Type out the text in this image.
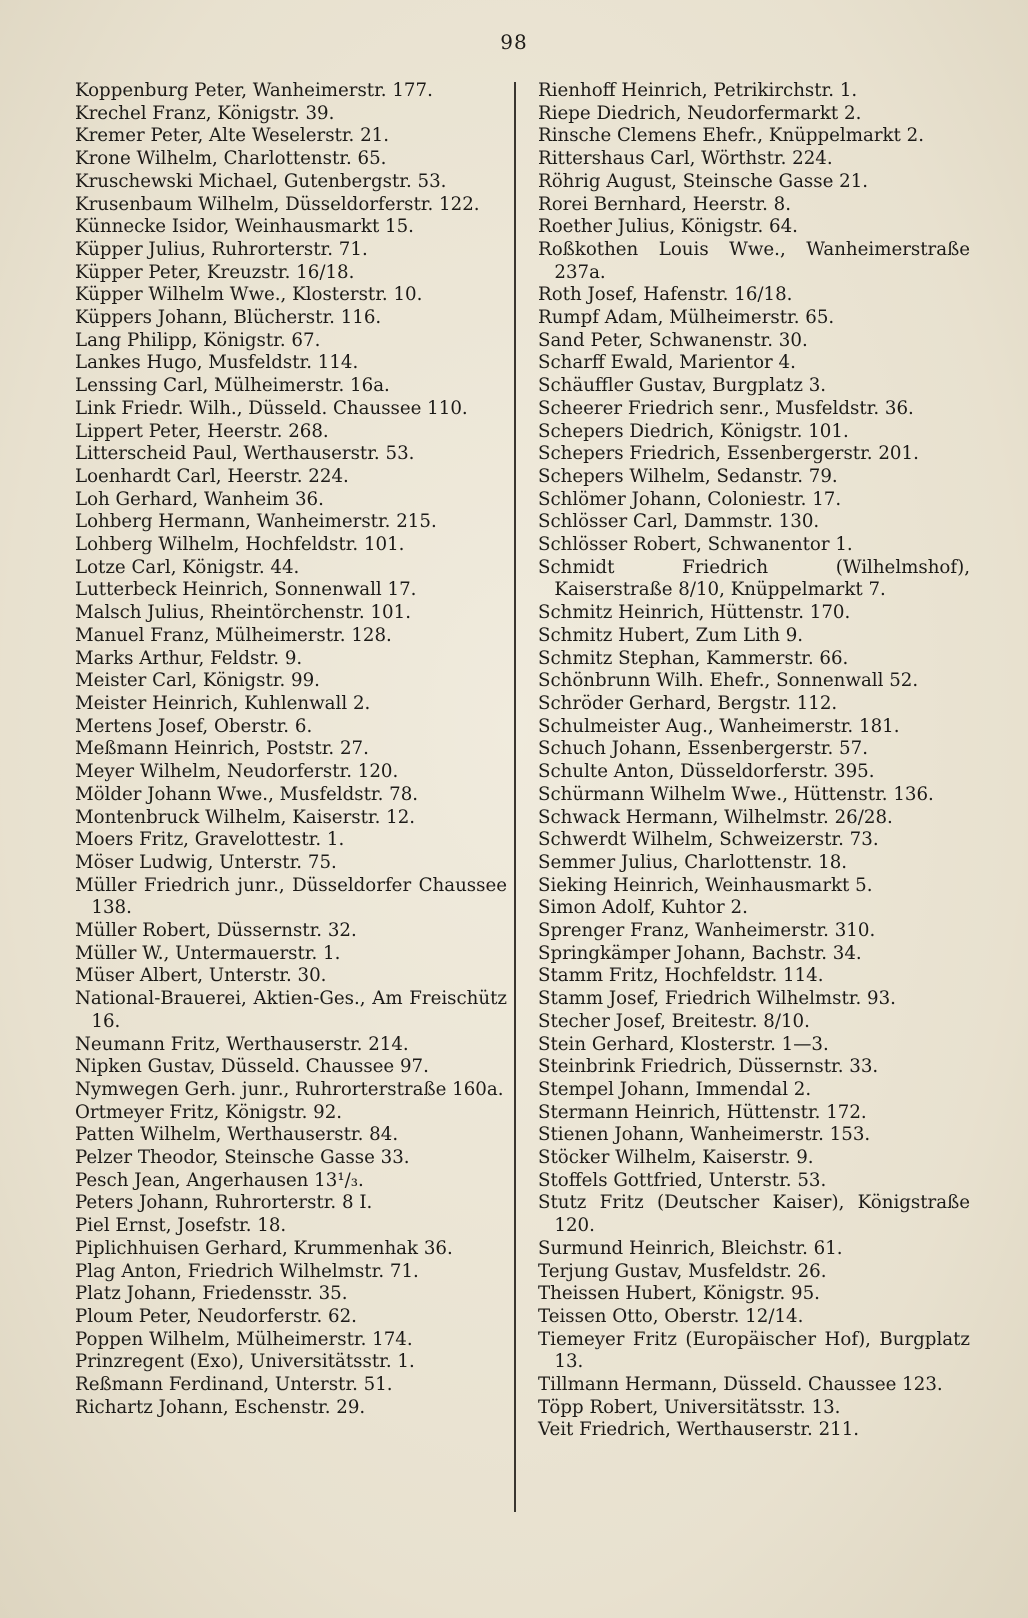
98
Koppenburg Peter, Wanheimerstr. 177.
Krechel Franz, Königstr. 39.
Kremer Peter, Alte Weselerstr. 21.
Krone Wilhelm, Charlottenstr. 65.
Kruschewski Michael, Gutenbergstr. 53.
Krusenbaum Wilhelm, Düsseldorferstr. 122.
Künnecke Isidor, Weinhausmarkt 15.
Küpper Julius, Ruhrorterstr. 71.
Küpper Peter, Kreuzstr. 16/18.
Küpper Wilhelm Wwe., Klosterstr. 10.
Küppers Johann, Blücherstr. 116.
Lang Philipp, Königstr. 67.
Lankes Hugo, Musfeldstr. 114.
Lenssing Carl, Mülheimerstr. 16a.
Link Friedr. Wilh., Düsseld. Chaussee 110.
Lippert Peter, Heerstr. 268.
Litterscheid Paul, Werthauserstr. 53.
Loenhardt Carl, Heerstr. 224.
Loh Gerhard, Wanheim 36.
Lohberg Hermann, Wanheimerstr. 215.
Lohberg Wilhelm, Hochfeldstr. 101.
Lotze Carl, Königstr. 44.
Lutterbeck Heinrich, Sonnenwall 17.
Malsch Julius, Rheintörchenstr. 101.
Manuel Franz, Mülheimerstr. 128.
Marks Arthur, Feldstr. 9.
Meister Carl, Königstr. 99.
Meister Heinrich, Kuhlenwall 2.
Mertens Josef, Oberstr. 6.
Meßmann Heinrich, Poststr. 27.
Meyer Wilhelm, Neudorferstr. 120.
Mölder Johann Wwe., Musfeldstr. 78.
Montenbruck Wilhelm, Kaiserstr. 12.
Moers Fritz, Gravelottestr. 1.
Möser Ludwig, Unterstr. 75.
Müller Friedrich junr., Düsseldorfer Chaussee 138.
Müller Robert, Düssernstr. 32.
Müller W., Untermauerstr. 1.
Müser Albert, Unterstr. 30.
National-Brauerei, Aktien-Ges., Am Freischütz 16.
Neumann Fritz, Werthauserstr. 214.
Nipken Gustav, Düsseld. Chaussee 97.
Nymwegen Gerh. junr., Ruhrorterstraße 160a.
Ortmeyer Fritz, Königstr. 92.
Patten Wilhelm, Werthauserstr. 84.
Pelzer Theodor, Steinsche Gasse 33.
Pesch Jean, Angerhausen 13¹/₃.
Peters Johann, Ruhrorterstr. 8 I.
Piel Ernst, Josefstr. 18.
Piplichhuisen Gerhard, Krummenhak 36.
Plag Anton, Friedrich Wilhelmstr. 71.
Platz Johann, Friedensstr. 35.
Ploum Peter, Neudorferstr. 62.
Poppen Wilhelm, Mülheimerstr. 174.
Prinzregent (Exo), Universitätsstr. 1.
Reßmann Ferdinand, Unterstr. 51.
Richartz Johann, Eschenstr. 29.
Rienhoff Heinrich, Petrikirchstr. 1.
Riepe Diedrich, Neudorfermarkt 2.
Rinsche Clemens Ehefr., Knüppelmarkt 2.
Rittershaus Carl, Wörthstr. 224.
Röhrig August, Steinsche Gasse 21.
Rorei Bernhard, Heerstr. 8.
Roether Julius, Königstr. 64.
Roßkothen Louis Wwe., Wanheimerstraße 237a.
Roth Josef, Hafenstr. 16/18.
Rumpf Adam, Mülheimerstr. 65.
Sand Peter, Schwanenstr. 30.
Scharff Ewald, Marientor 4.
Schäuffler Gustav, Burgplatz 3.
Scheerer Friedrich senr., Musfeldstr. 36.
Schepers Diedrich, Königstr. 101.
Schepers Friedrich, Essenbergerstr. 201.
Schepers Wilhelm, Sedanstr. 79.
Schlömer Johann, Coloniestr. 17.
Schlösser Carl, Dammstr. 130.
Schlösser Robert, Schwanentor 1.
Schmidt Friedrich (Wilhelmshof), Kaiserstraße 8/10, Knüppelmarkt 7.
Schmitz Heinrich, Hüttenstr. 170.
Schmitz Hubert, Zum Lith 9.
Schmitz Stephan, Kammerstr. 66.
Schönbrunn Wilh. Ehefr., Sonnenwall 52.
Schröder Gerhard, Bergstr. 112.
Schulmeister Aug., Wanheimerstr. 181.
Schuch Johann, Essenbergerstr. 57.
Schulte Anton, Düsseldorferstr. 395.
Schürmann Wilhelm Wwe., Hüttenstr. 136.
Schwack Hermann, Wilhelmstr. 26/28.
Schwerdt Wilhelm, Schweizerstr. 73.
Semmer Julius, Charlottenstr. 18.
Sieking Heinrich, Weinhausmarkt 5.
Simon Adolf, Kuhtor 2.
Sprenger Franz, Wanheimerstr. 310.
Springkämper Johann, Bachstr. 34.
Stamm Fritz, Hochfeldstr. 114.
Stamm Josef, Friedrich Wilhelmstr. 93.
Stecher Josef, Breitestr. 8/10.
Stein Gerhard, Klosterstr. 1—3.
Steinbrink Friedrich, Düssernstr. 33.
Stempel Johann, Immendal 2.
Stermann Heinrich, Hüttenstr. 172.
Stienen Johann, Wanheimerstr. 153.
Stöcker Wilhelm, Kaiserstr. 9.
Stoffels Gottfried, Unterstr. 53.
Stutz Fritz (Deutscher Kaiser), Königstraße 120.
Surmund Heinrich, Bleichstr. 61.
Terjung Gustav, Musfeldstr. 26.
Theissen Hubert, Königstr. 95.
Teissen Otto, Oberstr. 12/14.
Tiemeyer Fritz (Europäischer Hof), Burgplatz 13.
Tillmann Hermann, Düsseld. Chaussee 123.
Töpp Robert, Universitätsstr. 13.
Veit Friedrich, Werthauserstr. 211.
